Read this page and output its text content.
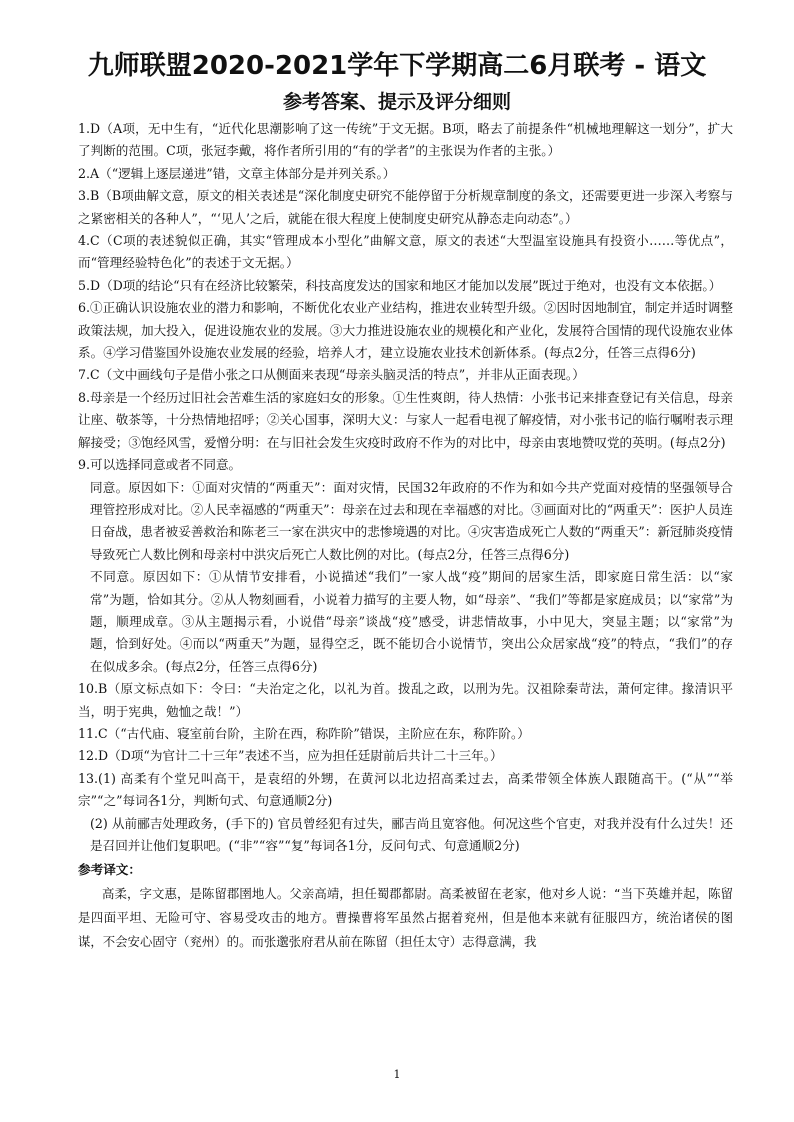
九师联盟2020-2021学年下学期高二6月联考 - 语文
参考答案、提示及评分细则

1.D（A项，无中生有，“近代化思潮影响了这一传统”于文无据。B项，略去了前提条件“机械地理解这一划分”，扩大了判断的范围。C项，张冠李戴，将作者所引用的“有的学者”的主张误为作者的主张。）

2.A（“逻辑上逐层递进”错，文章主体部分是并列关系。）

3.B（B项曲解文意，原文的相关表述是“深化制度史研究不能停留于分析规章制度的条文，还需要更进一步深入考察与之紧密相关的各种人”，“‘见人’之后，就能在很大程度上使制度史研究从静态走向动态”。）

4.C（C项的表述貌似正确，其实“管理成本小型化”曲解文意，原文的表述“大型温室设施具有投资小……等优点”，而“管理经验特色化”的表述于文无据。）

5.D（D项的结论“只有在经济比较繁荣，科技高度发达的国家和地区才能加以发展”既过于绝对，也没有文本依据。）

6.①正确认识设施农业的潜力和影响，不断优化农业产业结构，推进农业转型升级。②因时因地制宜，制定并适时调整政策法规，加大投入，促进设施农业的发展。③大力推进设施农业的规模化和产业化，发展符合国情的现代设施农业体系。④学习借鉴国外设施农业发展的经验，培养人才，建立设施农业技术创新体系。(每点2分，任答三点得6分)

7.C（文中画线句子是借小张之口从侧面来表现“母亲头脑灵活的特点”，并非从正面表现。）

8.母亲是一个经历过旧社会苦难生活的家庭妇女的形象。①生性爽朗，待人热情：小张书记来排查登记有关信息，母亲让座、敬茶等，十分热情地招呼；②关心国事，深明大义：与家人一起看电视了解疫情，对小张书记的临行嘱咐表示理解接受；③饱经风雪，爱憎分明：在与旧社会发生灾疫时政府不作为的对比中，母亲由衷地赞叹党的英明。(每点2分)

9.可以选择同意或者不同意。

同意。原因如下：①面对灾情的“两重天”：面对灾情，民国32年政府的不作为和如今共产党面对疫情的坚强领导合理管控形成对比。②人民幸福感的“两重天”：母亲在过去和现在幸福感的对比。③画面对比的“两重天”：医护人员连日奋战，患者被妥善救治和陈老三一家在洪灾中的悲惨境遇的对比。④灾害造成死亡人数的“两重天”：新冠肺炎疫情导致死亡人数比例和母亲村中洪灾后死亡人数比例的对比。(每点2分，任答三点得6分)

不同意。原因如下：①从情节安排看，小说描述“我们”一家人战“疫”期间的居家生活，即家庭日常生活：以“家常”为题，恰如其分。②从人物刻画看，小说着力描写的主要人物，如“母亲”、“我们”等都是家庭成员；以“家常”为题，顺理成章。③从主题揭示看，小说借“母亲”谈战“疫”感受，讲悲情故事，小中见大，突显主题；以“家常”为题，恰到好处。④而以“两重天”为题，显得空乏，既不能切合小说情节，突出公众居家战“疫”的特点，“我们”的存在似成多余。(每点2分，任答三点得6分)

10.B（原文标点如下：令曰：“夫治定之化，以礼为首。拨乱之政，以刑为先。汉祖除秦苛法，萧何定律。掾清识平当，明于宪典，勉恤之哉！”）

11.C（“古代庙、寝室前台阶，主阶在西，称阼阶”错误，主阶应在东，称阼阶。）

12.D（D项“为官计二十三年”表述不当，应为担任廷尉前后共计二十三年。）

13.(1) 高柔有个堂兄叫高干，是袁绍的外甥，在黄河以北边招高柔过去，高柔带领全体族人跟随高干。(“从”“举宗”“之”每词各1分，判断句式、句意通顺2分)

(2) 从前郦吉处理政务，(手下的) 官员曾经犯有过失，郦吉尚且宽容他。何况这些个官吏，对我并没有什么过失！还是召回并让他们复职吧。(“非”“容”“复”每词各1分，反问句式、句意通顺2分)

参考译文：

高柔，字文惠，是陈留郡圉地人。父亲高靖，担任蜀郡都尉。高柔被留在老家，他对乡人说：“当下英雄并起，陈留是四面平坦、无险可守、容易受攻击的地方。曹操曹将军虽然占据着兖州，但是他本来就有征服四方，统治诸侯的图谋，不会安心固守（兖州）的。而张邈张府君从前在陈留（担任太守）志得意满，我

1
